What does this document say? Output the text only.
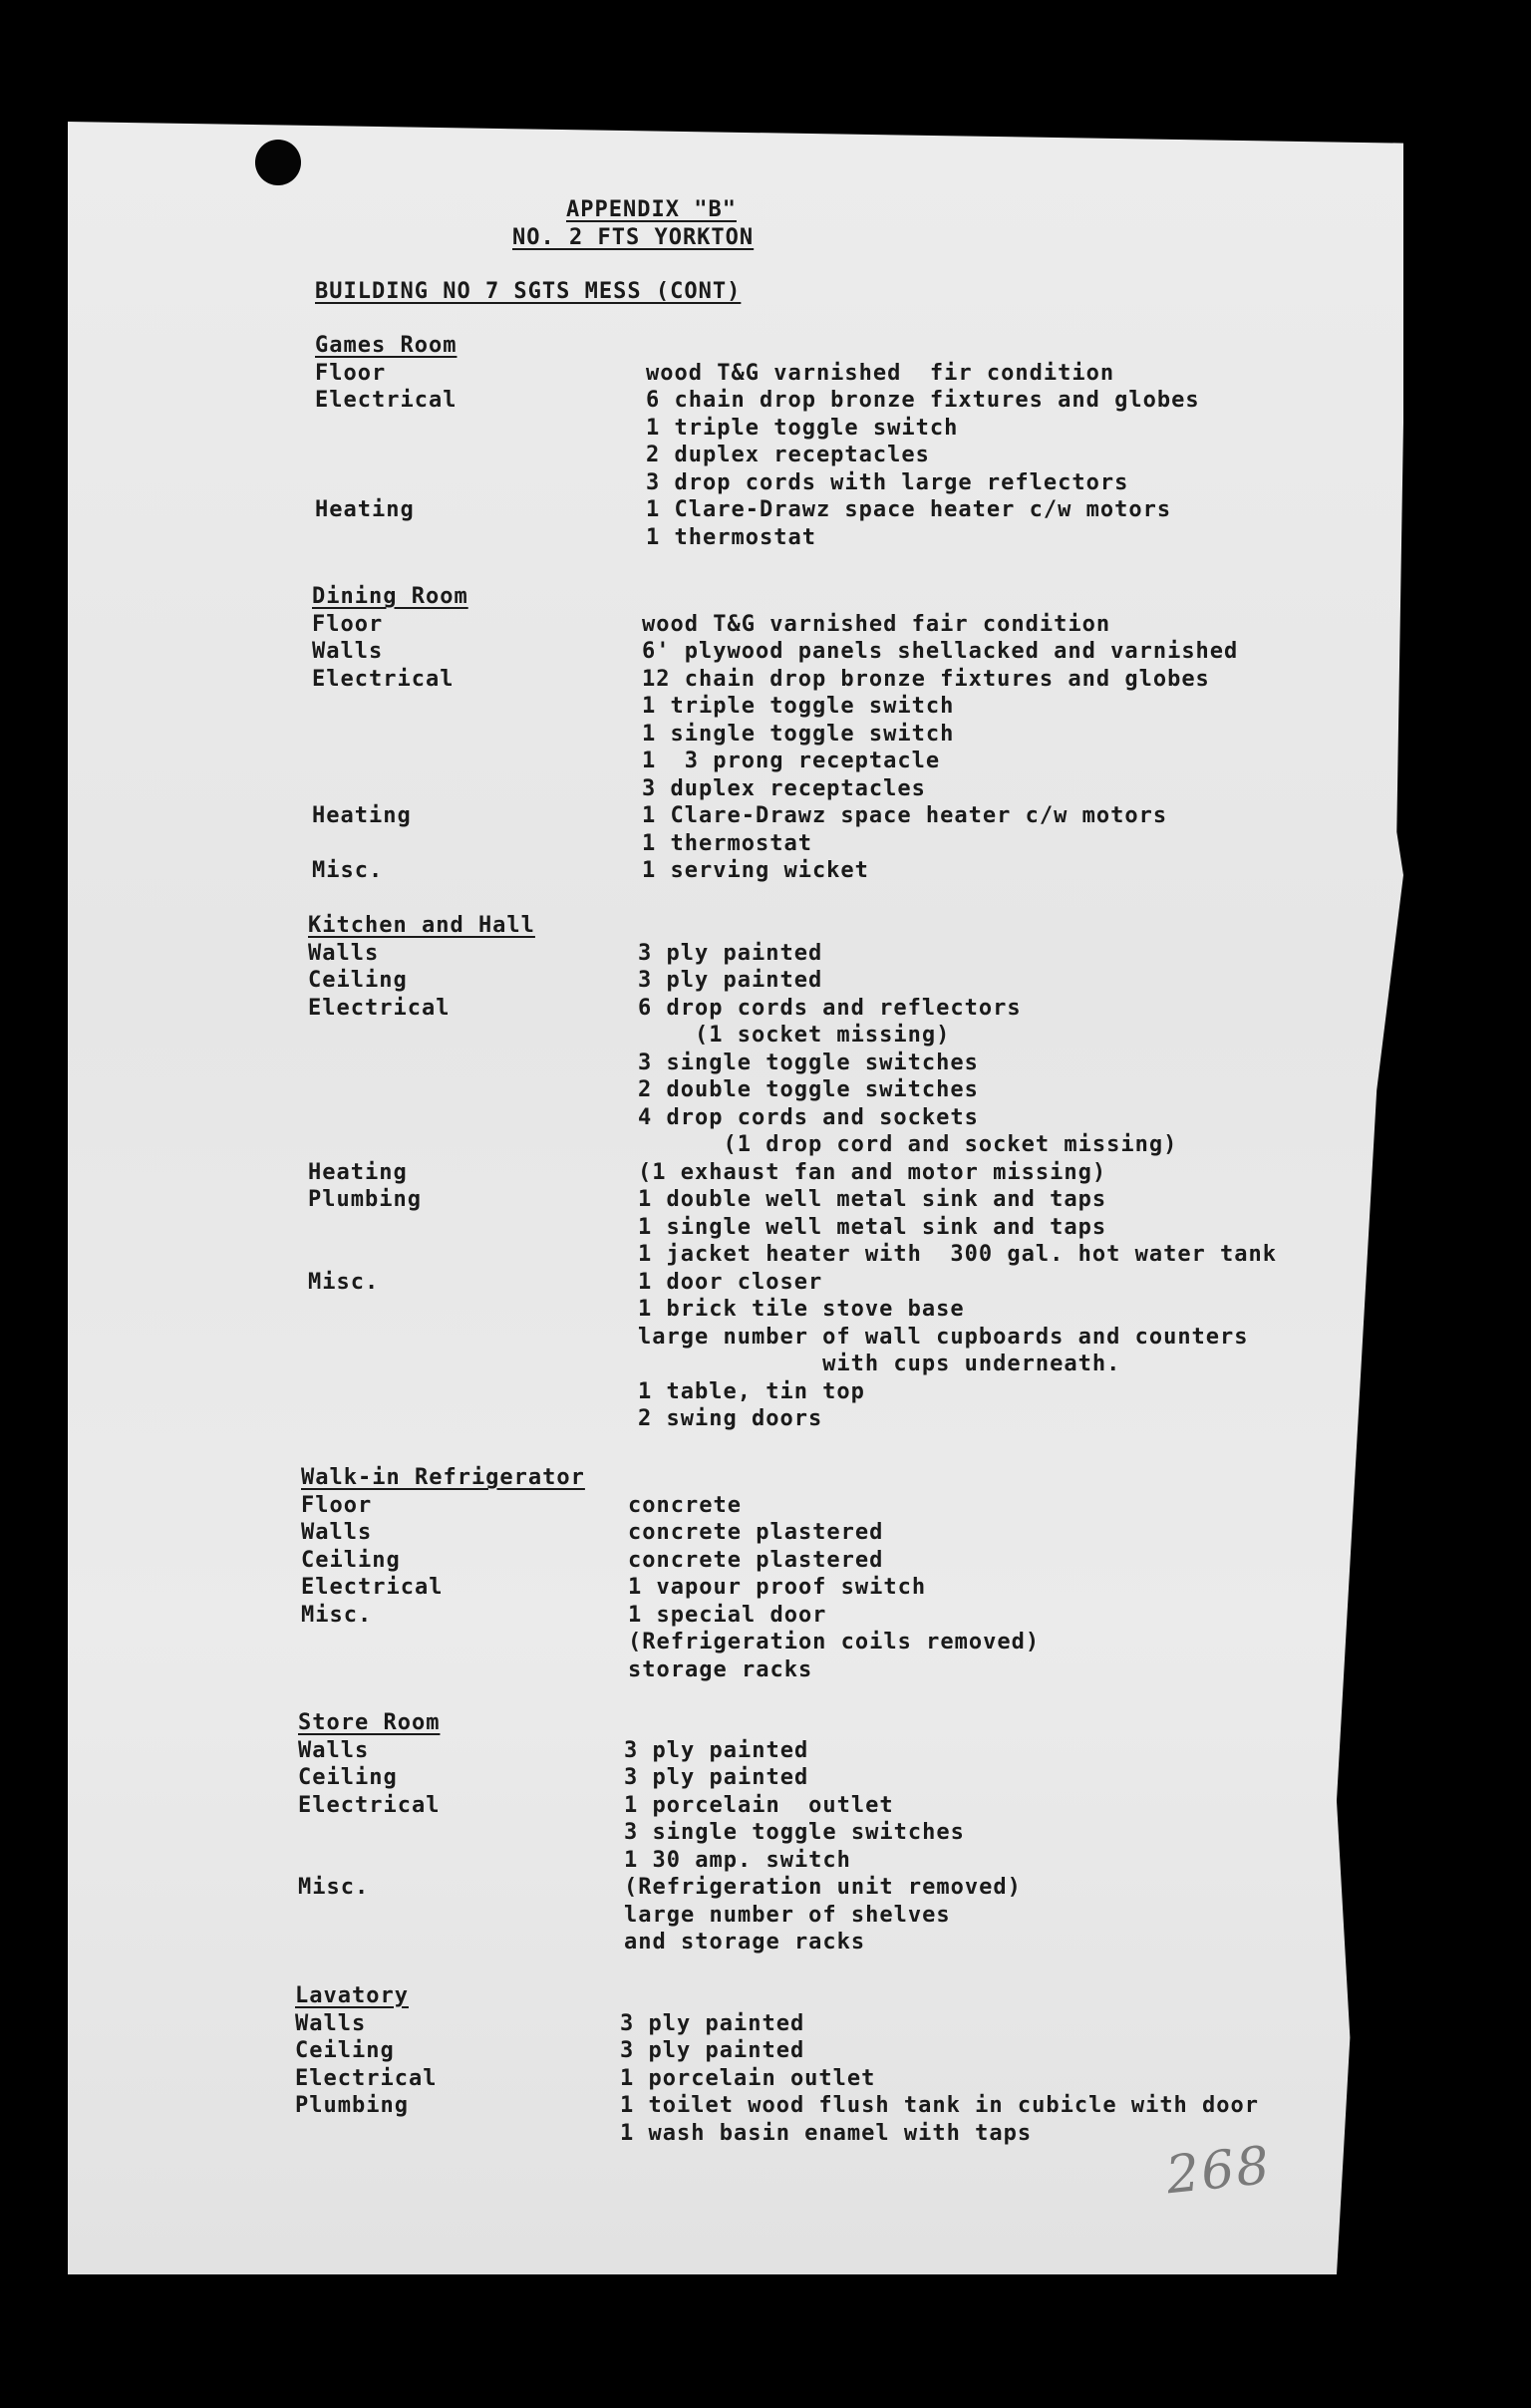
APPENDIX "B"
NO. 2 FTS YORKTON
BUILDING NO 7 SGTS MESS (CONT)
Games Room
Floor	wood T&G varnished  fir condition
Electrical	6 chain drop bronze fixtures and globes
1 triple toggle switch
2 duplex receptacles
3 drop cords with large reflectors
Heating	1 Clare-Drawz space heater c/w motors
1 thermostat
Dining Room
Floor	wood T&G varnished fair condition
Walls	6' plywood panels shellacked and varnished
Electrical	12 chain drop bronze fixtures and globes
1 triple toggle switch
1 single toggle switch
1  3 prong receptacle
3 duplex receptacles
Heating	1 Clare-Drawz space heater c/w motors
1 thermostat
Misc.	1 serving wicket
Kitchen and Hall
Walls	3 ply painted
Ceiling	3 ply painted
Electrical	6 drop cords and reflectors
(1 socket missing)
3 single toggle switches
2 double toggle switches
4 drop cords and sockets
(1 drop cord and socket missing)
Heating	(1 exhaust fan and motor missing)
Plumbing	1 double well metal sink and taps
1 single well metal sink and taps
1 jacket heater with  300 gal. hot water tank
Misc.	1 door closer
1 brick tile stove base
large number of wall cupboards and counters
with cups underneath.
1 table, tin top
2 swing doors
Walk-in Refrigerator
Floor	concrete
Walls	concrete plastered
Ceiling	concrete plastered
Electrical	1 vapour proof switch
Misc.	1 special door
(Refrigeration coils removed)
storage racks
Store Room
Walls	3 ply painted
Ceiling	3 ply painted
Electrical	1 porcelain  outlet
3 single toggle switches
1 30 amp. switch
Misc.	(Refrigeration unit removed)
large number of shelves
and storage racks
Lavatory
Walls	3 ply painted
Ceiling	3 ply painted
Electrical	1 porcelain outlet
Plumbing	1 toilet wood flush tank in cubicle with door
1 wash basin enamel with taps
268
